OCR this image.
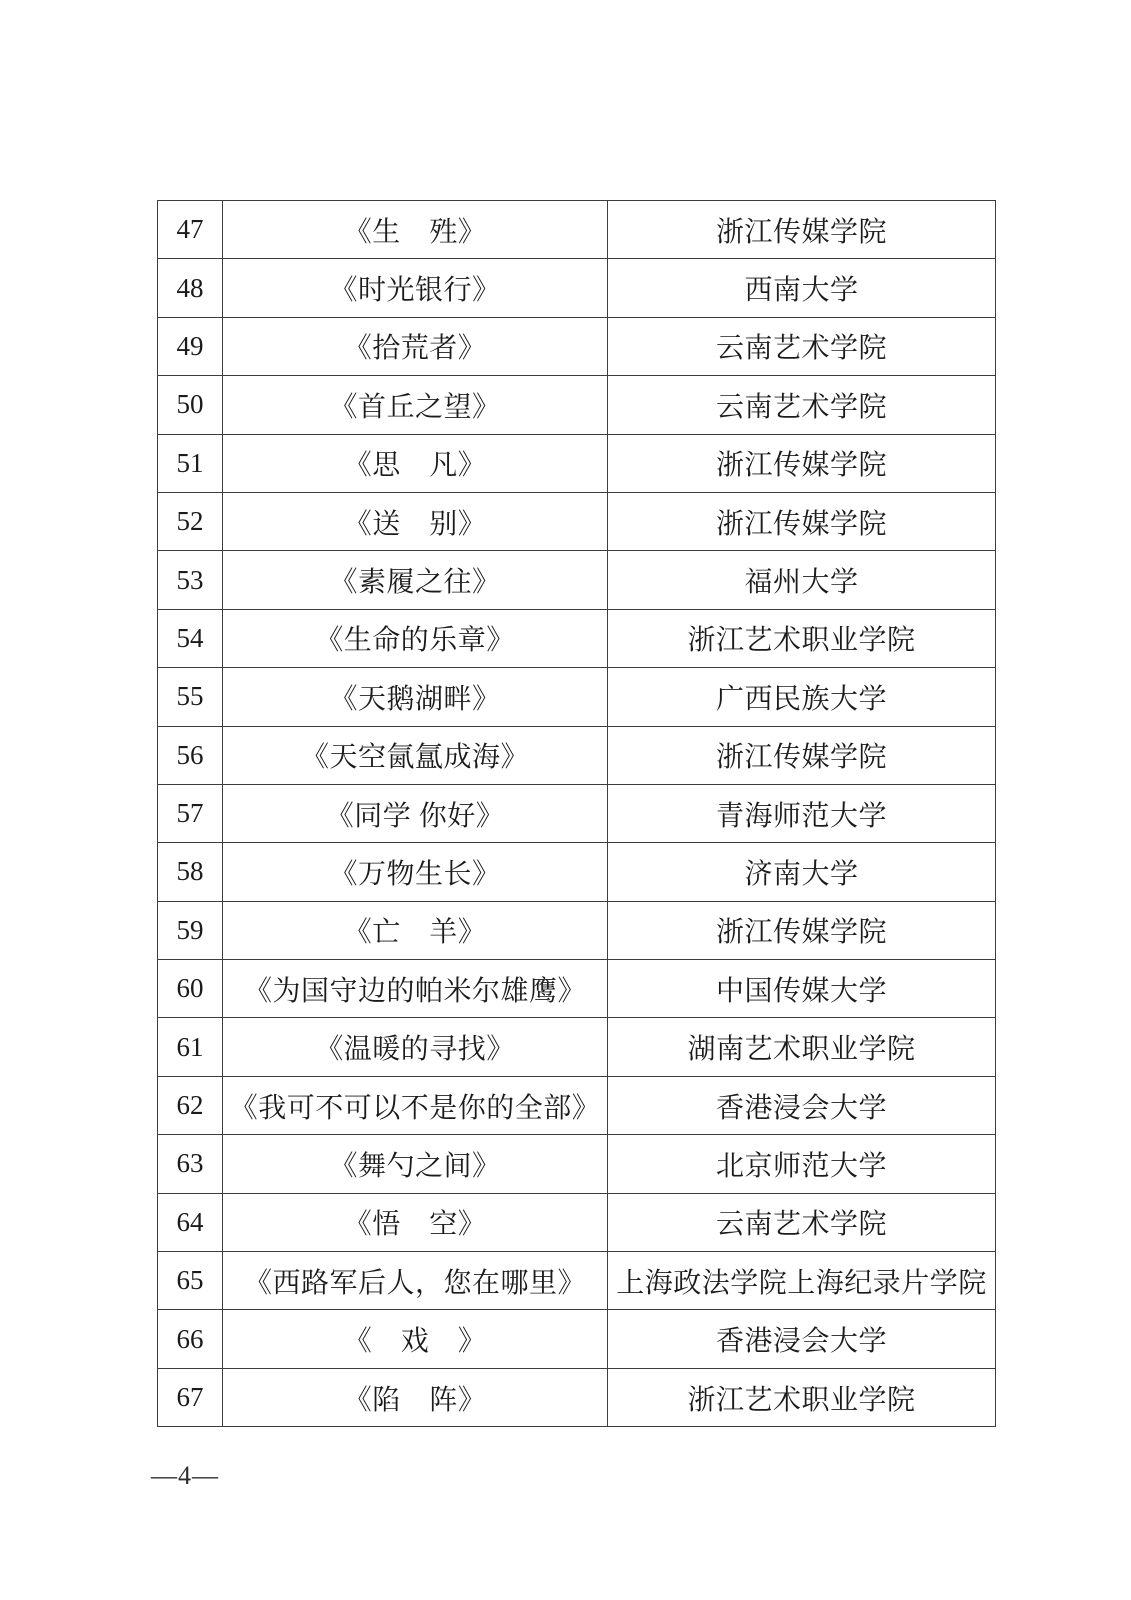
47	《生　殅》	浙江传媒学院
48	《时光银行》	西南大学
49	《拾荒者》	云南艺术学院
50	《首丘之望》	云南艺术学院
51	《思　凡》	浙江传媒学院
52	《送　别》	浙江传媒学院
53	《素履之往》	福州大学
54	《生命的乐章》	浙江艺术职业学院
55	《天鹅湖畔》	广西民族大学
56	《天空氤氲成海》	浙江传媒学院
57	《同学 你好》	青海师范大学
58	《万物生长》	济南大学
59	《亡　羊》	浙江传媒学院
60	《为国守边的帕米尔雄鹰》	中国传媒大学
61	《温暖的寻找》	湖南艺术职业学院
62	《我可不可以不是你的全部》	香港浸会大学
63	《舞勺之间》	北京师范大学
64	《悟　空》	云南艺术学院
65	《西路军后人，您在哪里》	上海政法学院上海纪录片学院
66	《　戏　》	香港浸会大学
67	《陷　阵》	浙江艺术职业学院
—4—
